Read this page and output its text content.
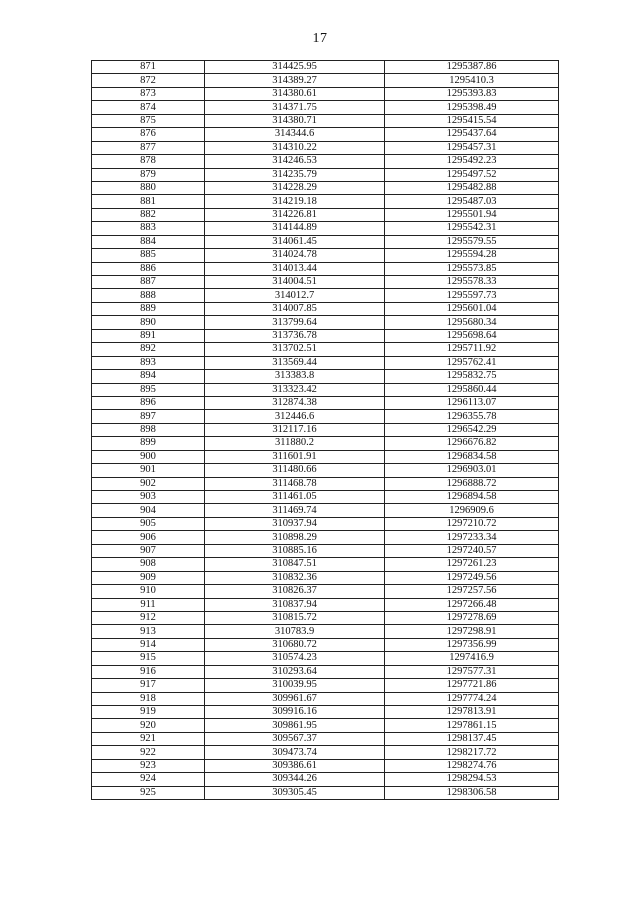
17
871	314425.95	1295387.86
872	314389.27	1295410.3
873	314380.61	1295393.83
874	314371.75	1295398.49
875	314380.71	1295415.54
876	314344.6	1295437.64
877	314310.22	1295457.31
878	314246.53	1295492.23
879	314235.79	1295497.52
880	314228.29	1295482.88
881	314219.18	1295487.03
882	314226.81	1295501.94
883	314144.89	1295542.31
884	314061.45	1295579.55
885	314024.78	1295594.28
886	314013.44	1295573.85
887	314004.51	1295578.33
888	314012.7	1295597.73
889	314007.85	1295601.04
890	313799.64	1295680.34
891	313736.78	1295698.64
892	313702.51	1295711.92
893	313569.44	1295762.41
894	313383.8	1295832.75
895	313323.42	1295860.44
896	312874.38	1296113.07
897	312446.6	1296355.78
898	312117.16	1296542.29
899	311880.2	1296676.82
900	311601.91	1296834.58
901	311480.66	1296903.01
902	311468.78	1296888.72
903	311461.05	1296894.58
904	311469.74	1296909.6
905	310937.94	1297210.72
906	310898.29	1297233.34
907	310885.16	1297240.57
908	310847.51	1297261.23
909	310832.36	1297249.56
910	310826.37	1297257.56
911	310837.94	1297266.48
912	310815.72	1297278.69
913	310783.9	1297298.91
914	310680.72	1297356.99
915	310574.23	1297416.9
916	310293.64	1297577.31
917	310039.95	1297721.86
918	309961.67	1297774.24
919	309916.16	1297813.91
920	309861.95	1297861.15
921	309567.37	1298137.45
922	309473.74	1298217.72
923	309386.61	1298274.76
924	309344.26	1298294.53
925	309305.45	1298306.58
